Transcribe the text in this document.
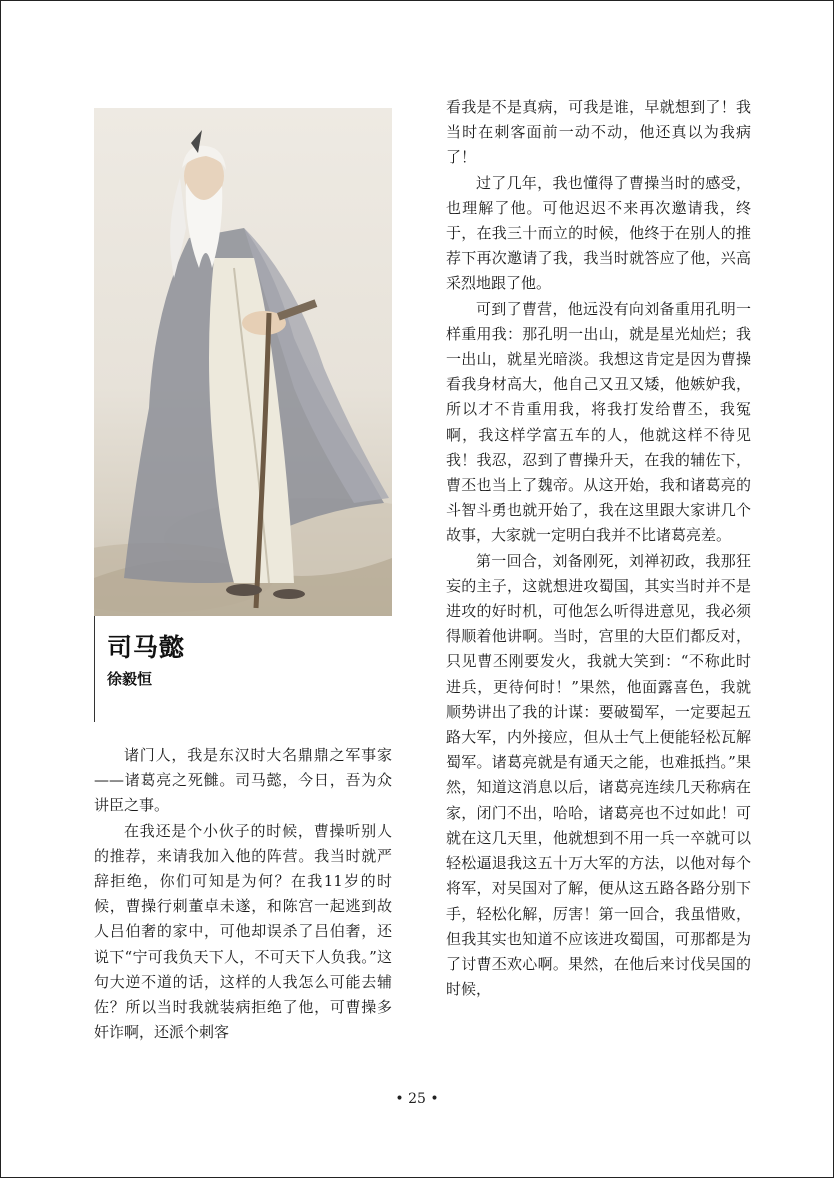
司马懿
徐毅恒

诸门人，我是东汉时大名鼎鼎之军事家——诸葛亮之死雠。司马懿，今日，吾为众讲臣之事。

在我还是个小伙子的时候，曹操听别人的推荐，来请我加入他的阵营。我当时就严辞拒绝，你们可知是为何？在我11岁的时候，曹操行刺董卓未遂，和陈宫一起逃到故人吕伯奢的家中，可他却误杀了吕伯奢，还说下“宁可我负天下人，不可天下人负我。”这句大逆不道的话，这样的人我怎么可能去辅佐？所以当时我就装病拒绝了他，可曹操多奸诈啊，还派个刺客

看我是不是真病，可我是谁，早就想到了！我当时在刺客面前一动不动，他还真以为我病了！

过了几年，我也懂得了曹操当时的感受，也理解了他。可他迟迟不来再次邀请我，终于，在我三十而立的时候，他终于在别人的推荐下再次邀请了我，我当时就答应了他，兴高采烈地跟了他。

可到了曹营，他远没有向刘备重用孔明一样重用我：那孔明一出山，就是星光灿烂；我一出山，就星光暗淡。我想这肯定是因为曹操看我身材高大，他自己又丑又矮，他嫉妒我，所以才不肯重用我，将我打发给曹丕，我冤啊，我这样学富五车的人，他就这样不待见我！我忍，忍到了曹操升天，在我的辅佐下，曹丕也当上了魏帝。从这开始，我和诸葛亮的斗智斗勇也就开始了，我在这里跟大家讲几个故事，大家就一定明白我并不比诸葛亮差。

第一回合，刘备刚死，刘禅初政，我那狂妄的主子，这就想进攻蜀国，其实当时并不是进攻的好时机，可他怎么听得进意见，我必须得顺着他讲啊。当时，宫里的大臣们都反对，只见曹丕刚要发火，我就大笑到：“不称此时进兵，更待何时！”果然，他面露喜色，我就顺势讲出了我的计谋：要破蜀军，一定要起五路大军，内外接应，但从士气上便能轻松瓦解蜀军。诸葛亮就是有通天之能，也难抵挡。”果然，知道这消息以后，诸葛亮连续几天称病在家，闭门不出，哈哈，诸葛亮也不过如此！可就在这几天里，他就想到不用一兵一卒就可以轻松逼退我这五十万大军的方法，以他对每个将军，对吴国对了解，便从这五路各路分别下手，轻松化解，厉害！第一回合，我虽惜败，但我其实也知道不应该进攻蜀国，可那都是为了讨曹丕欢心啊。果然，在他后来讨伐吴国的时候，

• 25 •
